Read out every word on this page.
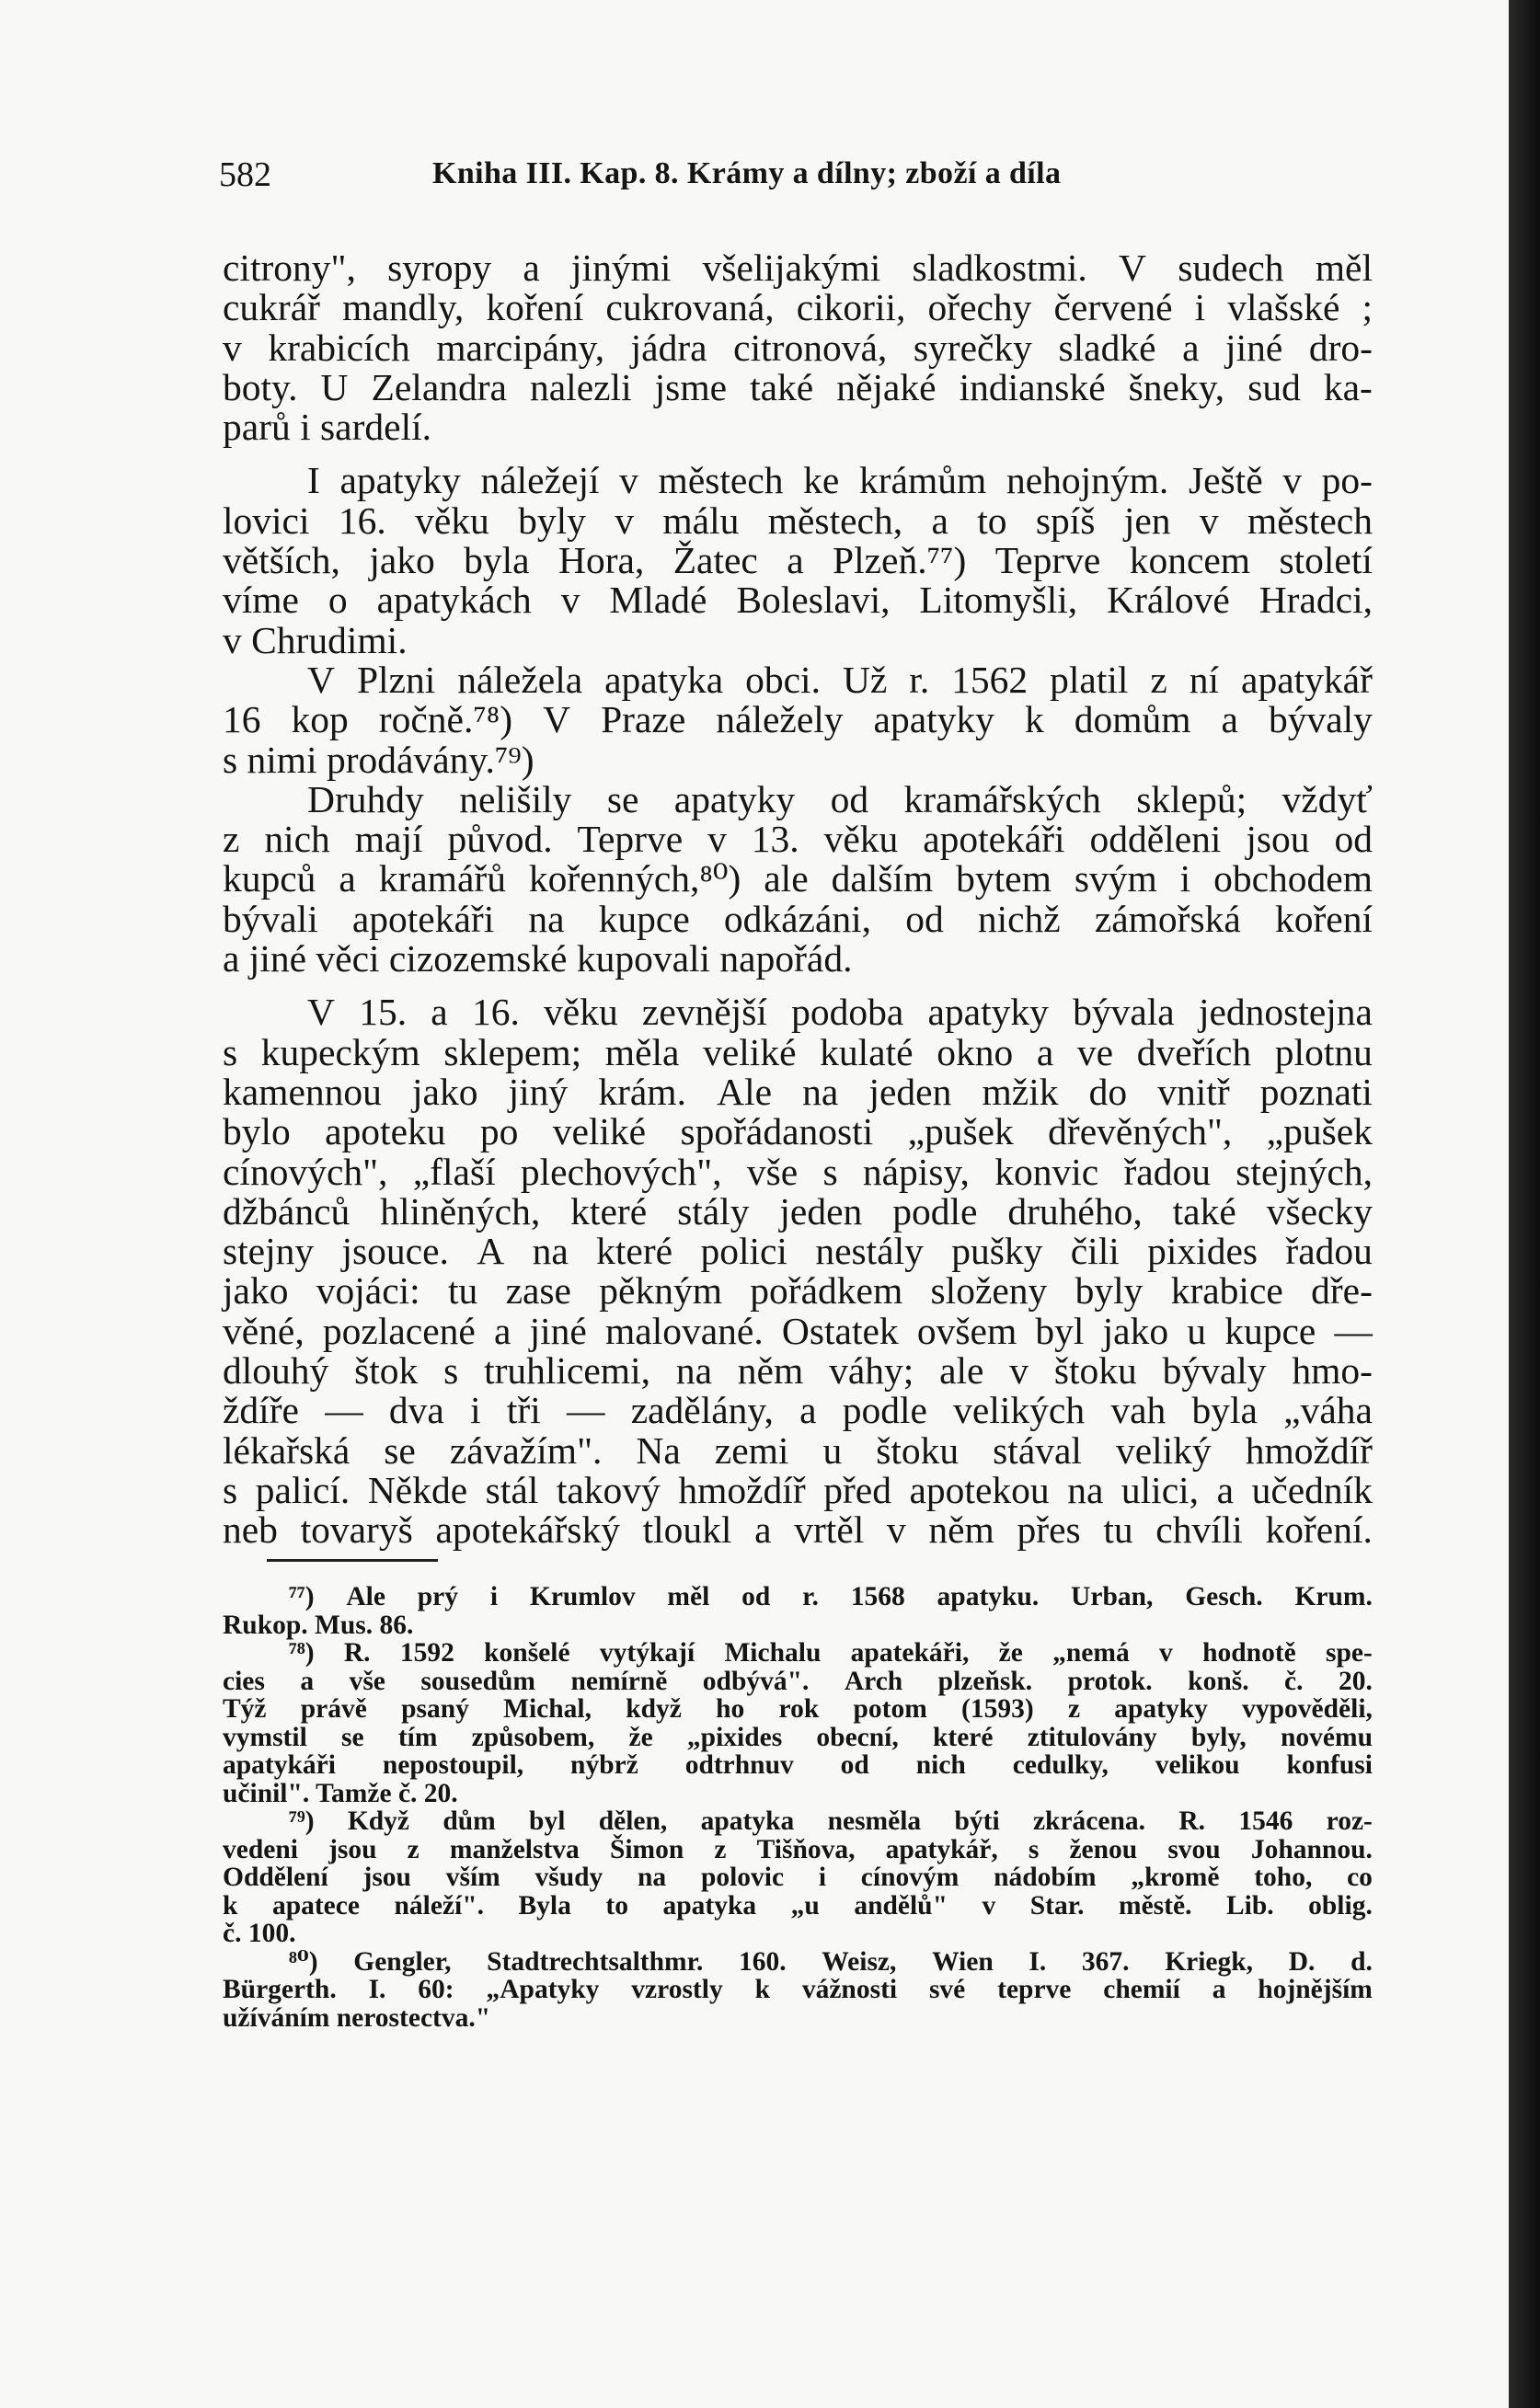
582	Kniha III. Kap. 8. Krámy a dílny; zboží a díla
citrony", syropy a jinými všelijakými sladkostmi. V sudech měl
cukrář mandly, koření cukrovaná, cikorii, ořechy červené i vlašské ;
v krabicích marcipány, jádra citronová, syrečky sladké a jiné dro-
boty. U Zelandra nalezli jsme také nějaké indianské šneky, sud ka-
parů i sardelí.
I apatyky náležejí v městech ke krámům nehojným. Ještě v po-
lovici 16. věku byly v málu městech, a to spíš jen v městech
větších, jako byla Hora, Žatec a Plzeň.⁷⁷) Teprve koncem století
víme o apatykách v Mladé Boleslavi, Litomyšli, Králové Hradci,
v Chrudimi.
V Plzni náležela apatyka obci. Už r. 1562 platil z ní apatykář
16 kop ročně.⁷⁸) V Praze náležely apatyky k domům a bývaly
s nimi prodávány.⁷⁹)
Druhdy nelišily se apatyky od kramářských sklepů; vždyť
z nich mají původ. Teprve v 13. věku apotekáři odděleni jsou od
kupců a kramářů kořenných,⁸⁰) ale dalším bytem svým i obchodem
bývali apotekáři na kupce odkázáni, od nichž zámořská koření
a jiné věci cizozemské kupovali napořád.
V 15. a 16. věku zevnější podoba apatyky bývala jednostejna
s kupeckým sklepem; měla veliké kulaté okno a ve dveřích plotnu
kamennou jako jiný krám. Ale na jeden mžik do vnitř poznati
bylo apoteku po veliké spořádanosti „pušek dřevěných", „pušek
cínových", „flaší plechových", vše s nápisy, konvic řadou stejných,
džbánců hliněných, které stály jeden podle druhého, také všecky
stejny jsouce. A na které polici nestály pušky čili pixides řadou
jako vojáci: tu zase pěkným pořádkem složeny byly krabice dře-
věné, pozlacené a jiné malované. Ostatek ovšem byl jako u kupce —
dlouhý štok s truhlicemi, na něm váhy; ale v štoku bývaly hmo-
ždíře — dva i tři — zadělány, a podle velikých vah byla „váha
lékařská se závažím". Na zemi u štoku stával veliký hmoždíř
s palicí. Někde stál takový hmoždíř před apotekou na ulici, a učedník
neb tovaryš apotekářský tloukl a vrtěl v něm přes tu chvíli koření.
⁷⁷) Ale prý i Krumlov měl od r. 1568 apatyku. Urban, Gesch. Krum.
Rukop. Mus. 86.
⁷⁸) R. 1592 konšelé vytýkají Michalu apatekáři, že „nemá v hodnotě spe-
cies a vše sousedům nemírně odbývá". Arch plzeňsk. protok. konš. č. 20.
Týž právě psaný Michal, když ho rok potom (1593) z apatyky vypověděli,
vymstil se tím způsobem, že „pixides obecní, které ztitulovány byly, novému
apatykáři nepostoupil, nýbrž odtrhnuv od nich cedulky, velikou konfusi
učinil". Tamže č. 20.
⁷⁹) Když dům byl dělen, apatyka nesměla býti zkrácena. R. 1546 roz-
vedeni jsou z manželstva Šimon z Tišňova, apatykář, s ženou svou Johannou.
Oddělení jsou vším všudy na polovic i cínovým nádobím „kromě toho, co
k apatece náleží". Byla to apatyka „u andělů" v Star. městě. Lib. oblig.
č. 100.
⁸⁰) Gengler, Stadtrechtsalthmr. 160. Weisz, Wien I. 367. Kriegk, D. d.
Bürgerth. I. 60: „Apatyky vzrostly k vážnosti své teprve chemií a hojnějším
užíváním nerostectva."
